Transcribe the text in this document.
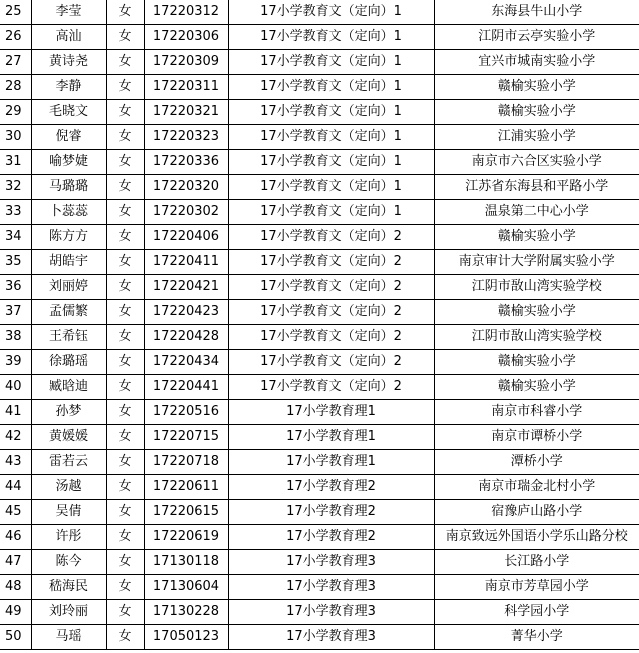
25	李莹	女	17220312	17小学教育文（定向）1	东海县牛山小学
26	高汕	女	17220306	17小学教育文（定向）1	江阴市云亭实验小学
27	黄诗尧	女	17220309	17小学教育文（定向）1	宜兴市城南实验小学
28	李静	女	17220311	17小学教育文（定向）1	赣榆实验小学
29	毛晓文	女	17220321	17小学教育文（定向）1	赣榆实验小学
30	倪睿	女	17220323	17小学教育文（定向）1	江浦实验小学
31	喻梦婕	女	17220336	17小学教育文（定向）1	南京市六合区实验小学
32	马璐璐	女	17220320	17小学教育文（定向）1	江苏省东海县和平路小学
33	卜蕊蕊	女	17220302	17小学教育文（定向）1	温泉第二中心小学
34	陈方方	女	17220406	17小学教育文（定向）2	赣榆实验小学
35	胡皓宇	女	17220411	17小学教育文（定向）2	南京审计大学附属实验小学
36	刘丽婷	女	17220421	17小学教育文（定向）2	江阴市敔山湾实验学校
37	孟儒繁	女	17220423	17小学教育文（定向）2	赣榆实验小学
38	王希钰	女	17220428	17小学教育文（定向）2	江阴市敔山湾实验学校
39	徐璐瑶	女	17220434	17小学教育文（定向）2	赣榆实验小学
40	臧晗迪	女	17220441	17小学教育文（定向）2	赣榆实验小学
41	孙梦	女	17220516	17小学教育理1	南京市科睿小学
42	黄媛媛	女	17220715	17小学教育理1	南京市谭桥小学
43	雷若云	女	17220718	17小学教育理1	潭桥小学
44	汤越	女	17220611	17小学教育理2	南京市瑞金北村小学
45	吴倩	女	17220615	17小学教育理2	宿豫庐山路小学
46	许彤	女	17220619	17小学教育理2	南京致远外国语小学乐山路分校
47	陈今	女	17130118	17小学教育理3	长江路小学
48	嵇海民	女	17130604	17小学教育理3	南京市芳草园小学
49	刘玲丽	女	17130228	17小学教育理3	科学园小学
50	马瑶	女	17050123	17小学教育理3	菁华小学
